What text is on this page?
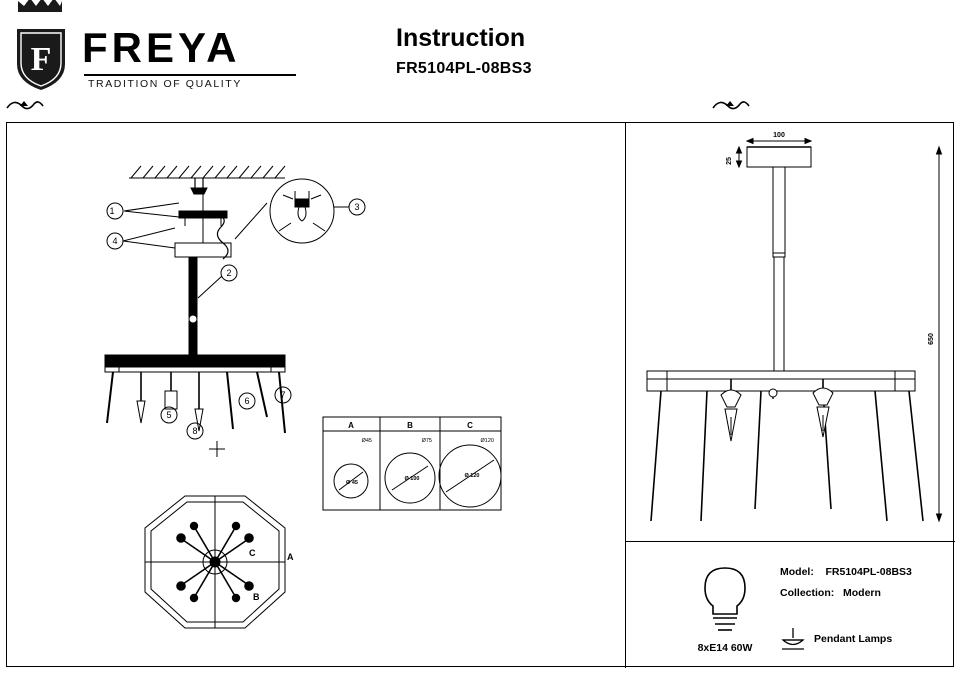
F FREYA
TRADITION OF QUALITY
Instruction
FR5104PL-08BS3
1
4
3
2
5
6
7
8
A	B	C
Ø45	Ø75	Ø120
Ø 45
Ø 100	Ø 120
C	A
B
100
25
650
8xE14 60W
Model: FR5104PL-08BS3
Collection: Modern
Pendant Lamps
